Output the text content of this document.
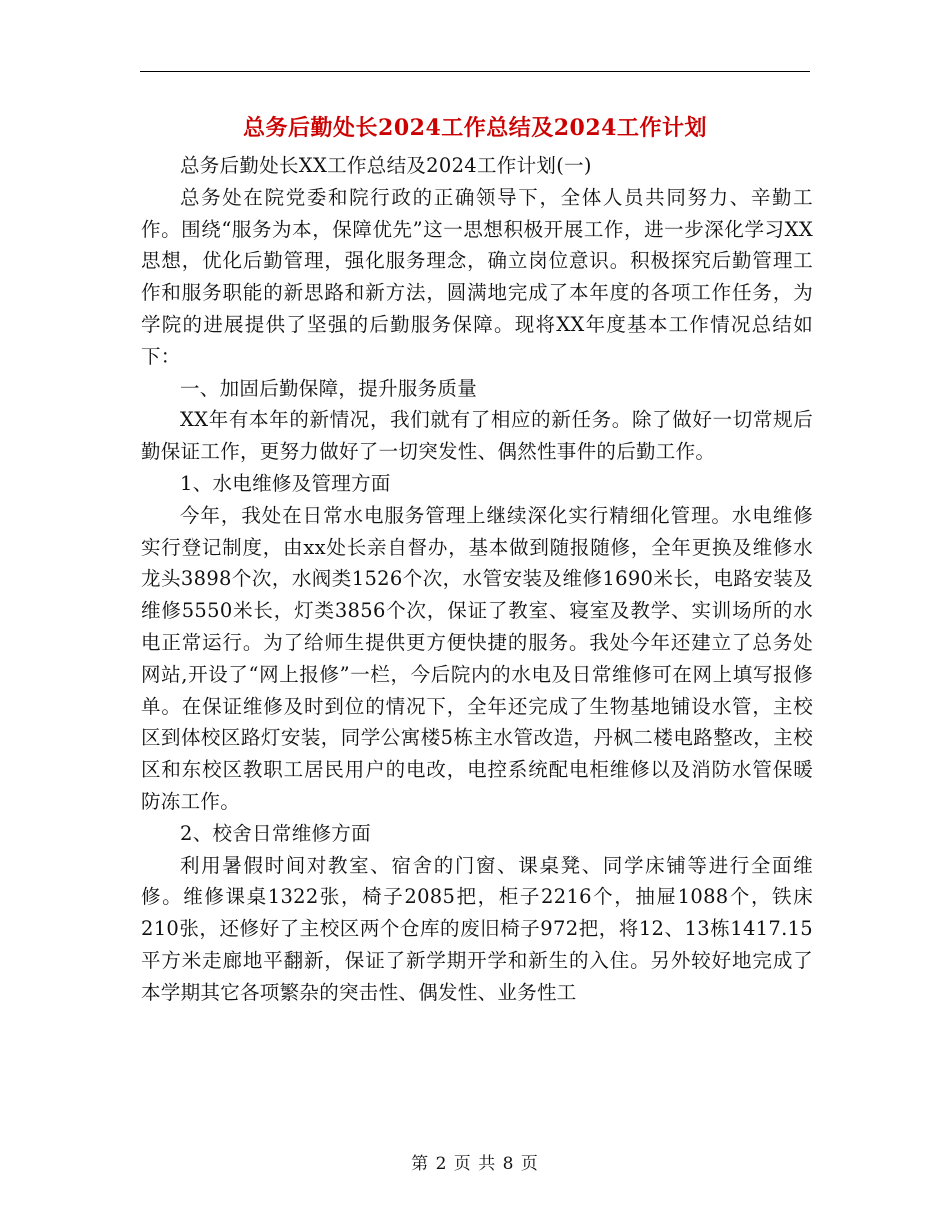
总务后勤处长2024工作总结及2024工作计划

总务后勤处长XX工作总结及2024工作计划(一)

总务处在院党委和院行政的正确领导下，全体人员共同努力、辛勤工作。围绕“服务为本，保障优先”这一思想积极开展工作，进一步深化学习XX思想，优化后勤管理，强化服务理念，确立岗位意识。积极探究后勤管理工作和服务职能的新思路和新方法，圆满地完成了本年度的各项工作任务，为学院的进展提供了坚强的后勤服务保障。现将XX年度基本工作情况总结如下：

一、加固后勤保障，提升服务质量

XX年有本年的新情况，我们就有了相应的新任务。除了做好一切常规后勤保证工作，更努力做好了一切突发性、偶然性事件的后勤工作。

1、水电维修及管理方面

今年，我处在日常水电服务管理上继续深化实行精细化管理。水电维修实行登记制度，由xx处长亲自督办，基本做到随报随修，全年更换及维修水龙头3898个次，水阀类1526个次，水管安装及维修1690米长，电路安装及维修5550米长，灯类3856个次，保证了教室、寝室及教学、实训场所的水电正常运行。为了给师生提供更方便快捷的服务。我处今年还建立了总务处网站,开设了“网上报修”一栏，今后院内的水电及日常维修可在网上填写报修单。在保证维修及时到位的情况下，全年还完成了生物基地铺设水管，主校区到体校区路灯安装，同学公寓楼5栋主水管改造，丹枫二楼电路整改，主校区和东校区教职工居民用户的电改，电控系统配电柜维修以及消防水管保暖防冻工作。

2、校舍日常维修方面

利用暑假时间对教室、宿舍的门窗、课桌凳、同学床铺等进行全面维修。维修课桌1322张，椅子2085把，柜子2216个，抽屉1088个，铁床210张，还修好了主校区两个仓库的废旧椅子972把，将12、13栋1417.15平方米走廊地平翻新，保证了新学期开学和新生的入住。另外较好地完成了本学期其它各项繁杂的突击性、偶发性、业务性工

第 2 页 共 8 页
